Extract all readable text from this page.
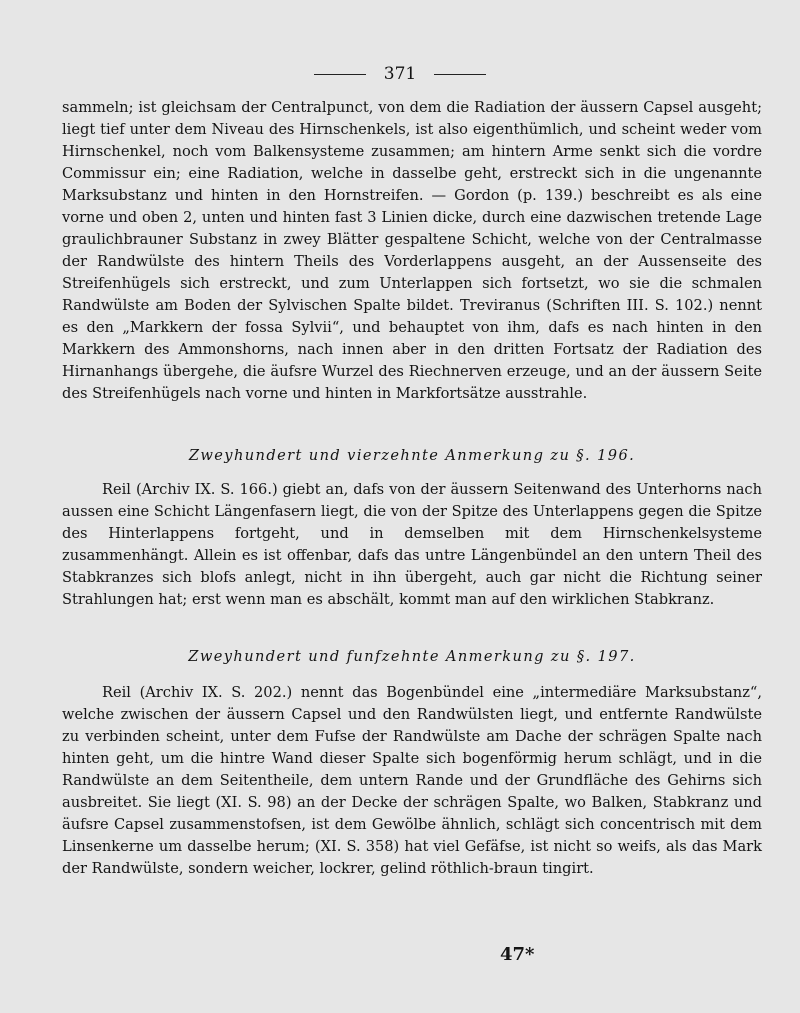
371

sammeln; ist gleichsam der Centralpunct, von dem die Radiation der äussern Capsel ausgeht; liegt tief unter dem Niveau des Hirnschenkels, ist also eigenthümlich, und scheint weder vom Hirnschenkel, noch vom Balkensysteme zusammen; am hintern Arme senkt sich die vordre Commissur ein; eine Radiation, welche in dasselbe geht, erstreckt sich in die ungenannte Marksubstanz und hinten in den Hornstreifen. — Gordon (p. 139.) beschreibt es als eine vorne und oben 2, unten und hinten fast 3 Linien dicke, durch eine dazwischen tretende Lage graulichbrauner Substanz in zwey Blätter gespaltene Schicht, welche von der Centralmasse der Randwülste des hintern Theils des Vorderlappens ausgeht, an der Aussenseite des Streifenhügels sich erstreckt, und zum Unterlappen sich fortsetzt, wo sie die schmalen Randwülste am Boden der Sylvischen Spalte bildet. Treviranus (Schriften III. S. 102.) nennt es den „Markkern der fossa Sylvii“, und behauptet von ihm, dafs es nach hinten in den Markkern des Ammonshorns, nach innen aber in den dritten Fortsatz der Radiation des Hirnanhangs übergehe, die äufsre Wurzel des Riechnerven erzeuge, und an der äussern Seite des Streifenhügels nach vorne und hinten in Markfortsätze ausstrahle.

Zweyhundert und vierzehnte Anmerkung zu §. 196.

Reil (Archiv IX. S. 166.) giebt an, dafs von der äussern Seitenwand des Unterhorns nach aussen eine Schicht Längenfasern liegt, die von der Spitze des Unterlappens gegen die Spitze des Hinterlappens fortgeht, und in demselben mit dem Hirnschenkelsysteme zusammenhängt. Allein es ist offenbar, dafs das untre Längenbündel an den untern Theil des Stabkranzes sich blofs anlegt, nicht in ihn übergeht, auch gar nicht die Richtung seiner Strahlungen hat; erst wenn man es abschält, kommt man auf den wirklichen Stabkranz.

Zweyhundert und funfzehnte Anmerkung zu §. 197.

Reil (Archiv IX. S. 202.) nennt das Bogenbündel eine „intermediäre Marksubstanz“, welche zwischen der äussern Capsel und den Randwülsten liegt, und entfernte Randwülste zu verbinden scheint, unter dem Fufse der Randwülste am Dache der schrägen Spalte nach hinten geht, um die hintre Wand dieser Spalte sich bogenförmig herum schlägt, und in die Randwülste an dem Seitentheile, dem untern Rande und der Grundfläche des Gehirns sich ausbreitet. Sie liegt (XI. S. 98) an der Decke der schrägen Spalte, wo Balken, Stabkranz und äufsre Capsel zusammenstofsen, ist dem Gewölbe ähnlich, schlägt sich concentrisch mit dem Linsenkerne um dasselbe herum; (XI. S. 358) hat viel Gefäfse, ist nicht so weifs, als das Mark der Randwülste, sondern weicher, lockrer, gelind röthlich-braun tingirt.

47*
